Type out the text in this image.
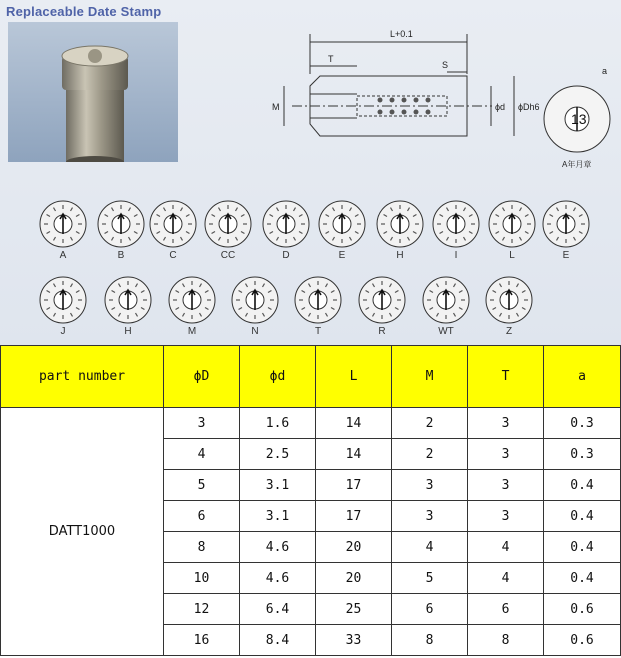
Replaceable Date Stamp
L+0.1
T
S
M	ϕd ϕDh6
a
A年月章
13
A	B	C	CC	D	E	H	I	L	E
J	H	M	N	T	R	WT	Z
part number	ϕD	ϕd	L	M	T	a
DATT1000	3	1.6	14	2	3	0.3
	4	2.5	14	2	3	0.3
	5	3.1	17	3	3	0.4
	6	3.1	17	3	3	0.4
	8	4.6	20	4	4	0.4
	10	4.6	20	5	4	0.4
	12	6.4	25	6	6	0.6
	16	8.4	33	8	8	0.6
